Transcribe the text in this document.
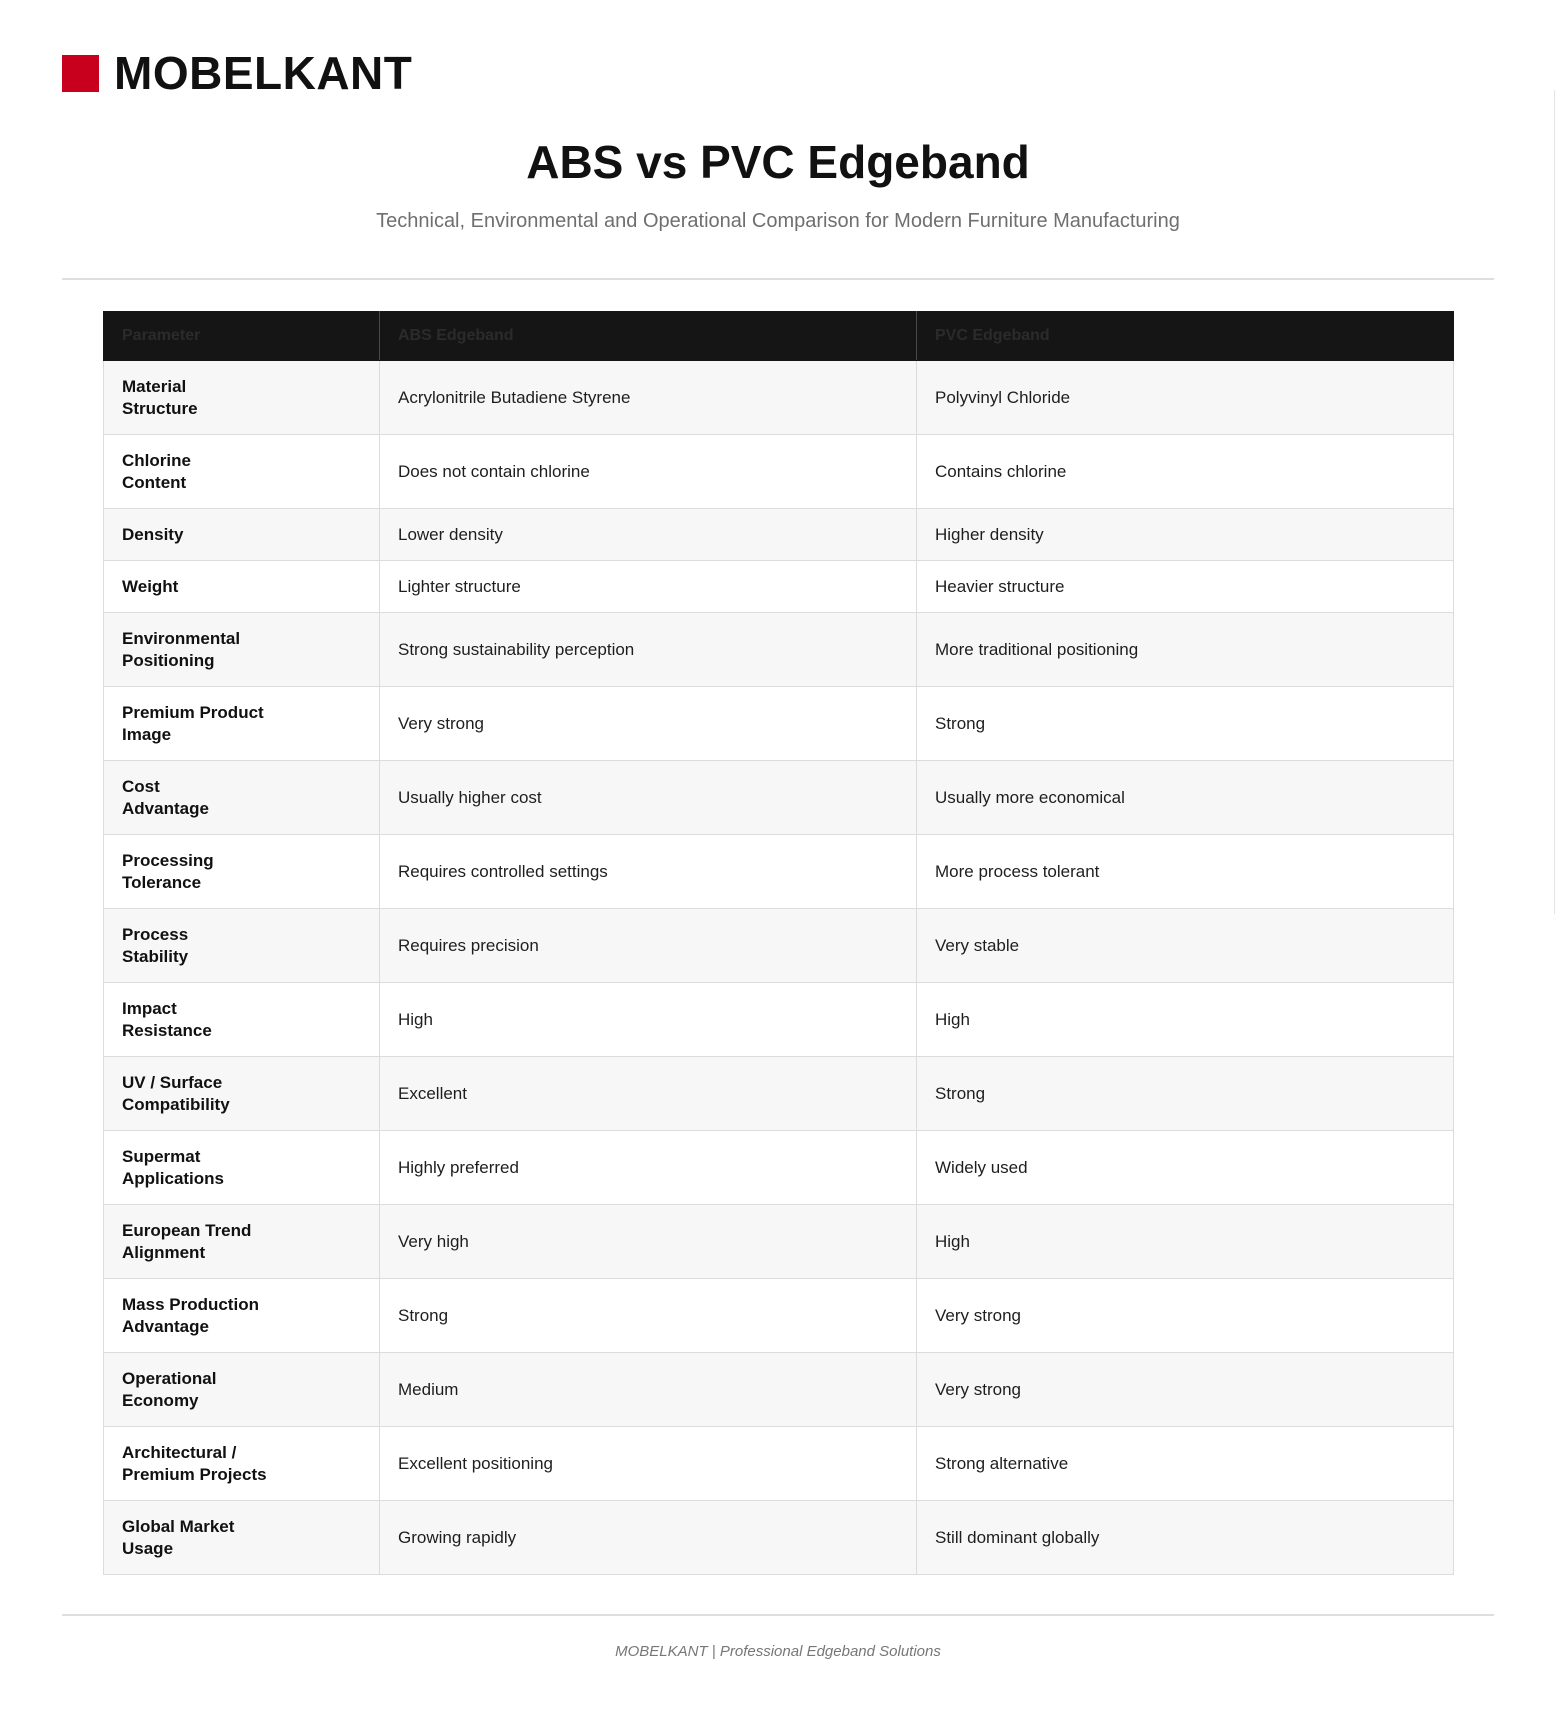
MOBELKANT
ABS vs PVC Edgeband
Technical, Environmental and Operational Comparison for Modern Furniture Manufacturing
Parameter	ABS Edgeband	PVC Edgeband

Material
Structure	Acrylonitrile Butadiene Styrene	Polyvinyl Chloride

Chlorine
Content	Does not contain chlorine	Contains chlorine

Density	Lower density	Higher density

Weight	Lighter structure	Heavier structure

Environmental
Positioning	Strong sustainability perception	More traditional positioning

Premium Product
Image	Very strong	Strong

Cost
Advantage	Usually higher cost	Usually more economical

Processing
Tolerance	Requires controlled settings	More process tolerant

Process
Stability	Requires precision	Very stable

Impact
Resistance	High	High

UV / Surface
Compatibility	Excellent	Strong

Supermat
Applications	Highly preferred	Widely used

European Trend
Alignment	Very high	High

Mass Production
Advantage	Strong	Very strong

Operational
Economy	Medium	Very strong

Architectural /
Premium Projects	Excellent positioning	Strong alternative

Global Market
Usage	Growing rapidly	Still dominant globally
MOBELKANT | Professional Edgeband Solutions
